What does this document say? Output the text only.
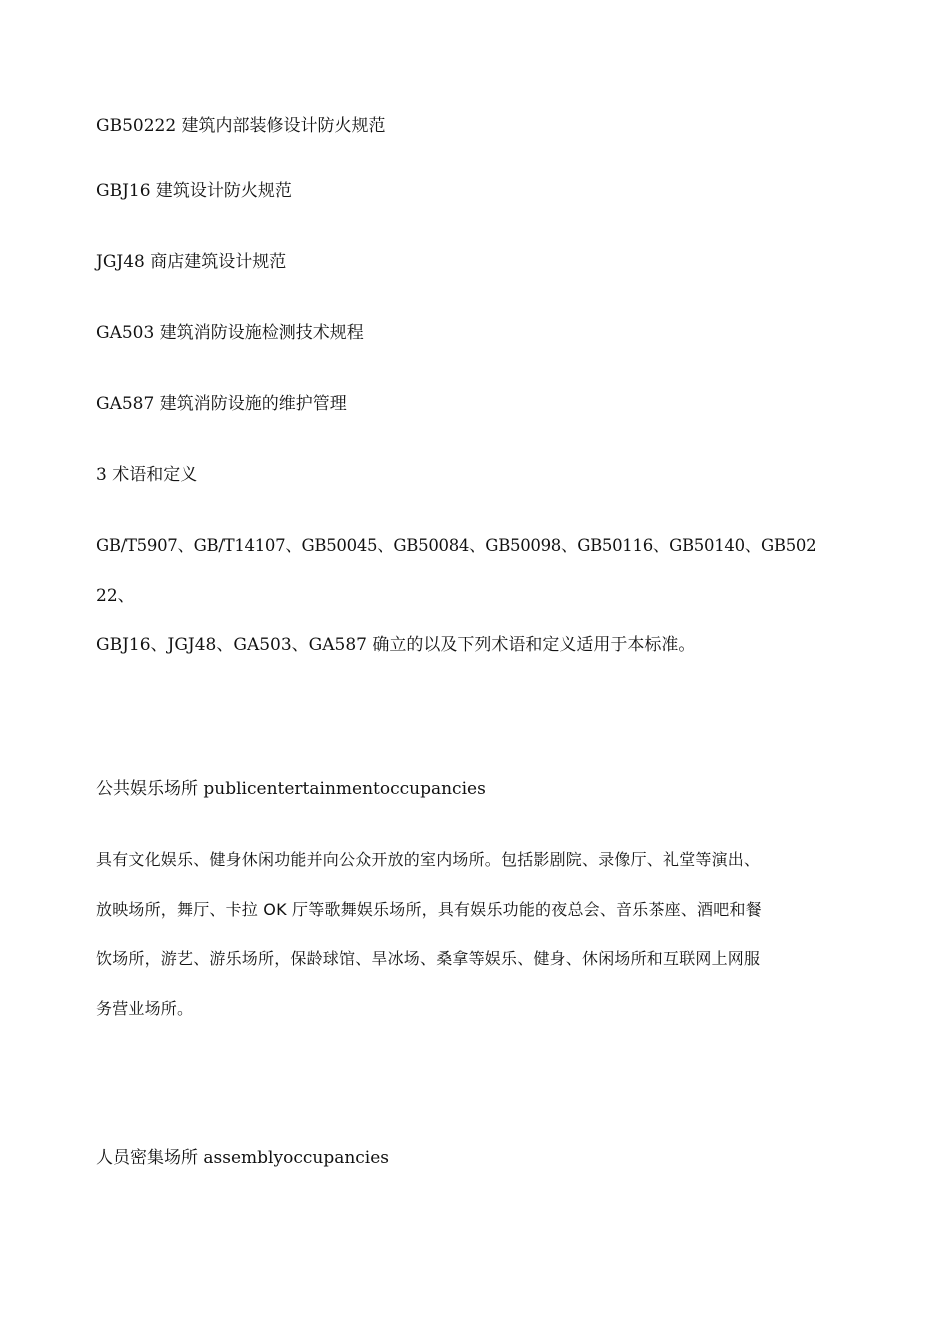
GB50222 建筑内部装修设计防火规范
GBJ16 建筑设计防火规范
JGJ48 商店建筑设计规范
GA503 建筑消防设施检测技术规程
GA587 建筑消防设施的维护管理
3 术语和定义
GB/T5907、GB/T14107、GB50045、GB50084、GB50098、GB50116、GB50140、GB502
22、
GBJ16、JGJ48、GA503、GA587 确立的以及下列术语和定义适用于本标准。
公共娱乐场所 publicentertainmentoccupancies
具有文化娱乐、健身休闲功能并向公众开放的室内场所。包括影剧院、录像厅、礼堂等演出、
放映场所，舞厅、卡拉 OK 厅等歌舞娱乐场所，具有娱乐功能的夜总会、音乐茶座、酒吧和餐
饮场所，游艺、游乐场所，保龄球馆、旱冰场、桑拿等娱乐、健身、休闲场所和互联网上网服
务营业场所。
人员密集场所 assemblyoccupancies
